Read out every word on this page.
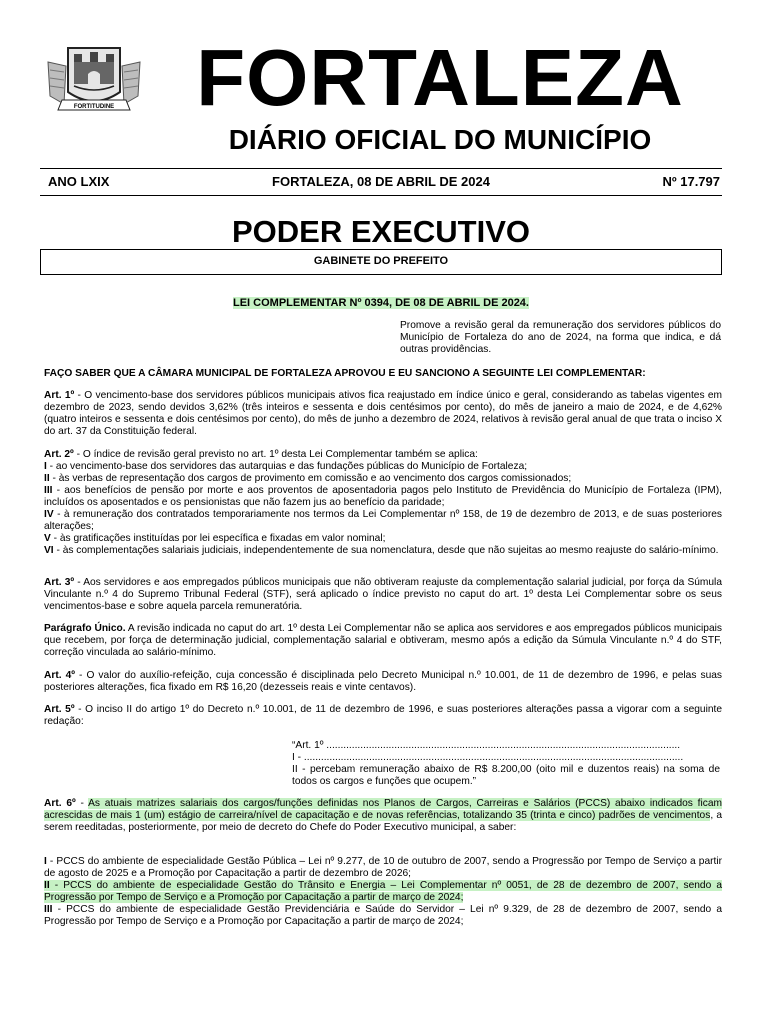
FORTITUDINE	FORTALEZA
DIÁRIO OFICIAL DO MUNICÍPIO
ANO LXIX	FORTALEZA, 08 DE ABRIL DE 2024	Nº 17.797
PODER EXECUTIVO
GABINETE DO PREFEITO
LEI COMPLEMENTAR Nº 0394, DE 08 DE ABRIL DE 2024.
Promove a revisão geral da remuneração dos servidores públicos do Município de Fortaleza do ano de 2024, na forma que indica, e dá outras providências.

FAÇO SABER QUE A CÂMARA MUNICIPAL DE FORTALEZA APROVOU E EU SANCIONO A SEGUINTE LEI COMPLEMENTAR:

Art. 1º - O vencimento-base dos servidores públicos municipais ativos fica reajustado em índice único e geral, considerando as tabelas vigentes em dezembro de 2023, sendo devidos 3,62% (três inteiros e sessenta e dois centésimos por cento), do mês de janeiro a maio de 2024, e de 4,62% (quatro inteiros e sessenta e dois centésimos por cento), do mês de junho a dezembro de 2024, relativos à revisão geral anual de que trata o inciso X do art. 37 da Constituição federal.

Art. 2º - O índice de revisão geral previsto no art. 1º desta Lei Complementar também se aplica:

I - ao vencimento-base dos servidores das autarquias e das fundações públicas do Município de Fortaleza;

II - às verbas de representação dos cargos de provimento em comissão e ao vencimento dos cargos comissionados;

III - aos benefícios de pensão por morte e aos proventos de aposentadoria pagos pelo Instituto de Previdência do Município de Fortaleza (IPM), incluídos os aposentados e os pensionistas que não fazem jus ao benefício da paridade;

IV - à remuneração dos contratados temporariamente nos termos da Lei Complementar nº 158, de 19 de dezembro de 2013, e de suas posteriores alterações;

V - às gratificações instituídas por lei específica e fixadas em valor nominal;

VI - às complementações salariais judiciais, independentemente de sua nomenclatura, desde que não sujeitas ao mesmo reajuste do salário-mínimo.

Art. 3º - Aos servidores e aos empregados públicos municipais que não obtiveram reajuste da complementação salarial judicial, por força da Súmula Vinculante n.º 4 do Supremo Tribunal Federal (STF), será aplicado o índice previsto no caput do art. 1º desta Lei Complementar sobre os seus vencimentos-base e sobre aquela parcela remuneratória.

Parágrafo Único. A revisão indicada no caput do art. 1º desta Lei Complementar não se aplica aos servidores e aos empregados públicos municipais que recebem, por força de determinação judicial, complementação salarial e obtiveram, mesmo após a edição da Súmula Vinculante n.º 4 do STF, correção vinculada ao salário-mínimo.

Art. 4º - O valor do auxílio-refeição, cuja concessão é disciplinada pelo Decreto Municipal n.º 10.001, de 11 de dezembro de 1996, e pelas suas posteriores alterações, fica fixado em R$ 16,20 (dezesseis reais e vinte centavos).

Art. 5º - O inciso II do artigo 1º do Decreto n.º 10.001, de 11 de dezembro de 1996, e suas posteriores alterações passa a vigorar com a seguinte redação:

“Art. 1º .............................................................................................................................

I - ......................................................................................................................................

II - percebam remuneração abaixo de R$ 8.200,00 (oito mil e duzentos reais) na soma de todos os cargos e funções que ocupem.”

Art. 6º - As atuais matrizes salariais dos cargos/funções definidas nos Planos de Cargos, Carreiras e Salários (PCCS) abaixo indicados ficam acrescidas de mais 1 (um) estágio de carreira/nível de capacitação e de novas referências, totalizando 35 (trinta e cinco) padrões de vencimentos, a serem reeditadas, posteriormente, por meio de decreto do Chefe do Poder Executivo municipal, a saber:

I - PCCS do ambiente de especialidade Gestão Pública – Lei nº 9.277, de 10 de outubro de 2007, sendo a Progressão por Tempo de Serviço a partir de agosto de 2025 e a Promoção por Capacitação a partir de dezembro de 2026;

II - PCCS do ambiente de especialidade Gestão do Trânsito e Energia – Lei Complementar nº 0051, de 28 de dezembro de 2007, sendo a Progressão por Tempo de Serviço e a Promoção por Capacitação a partir de março de 2024;

III - PCCS do ambiente de especialidade Gestão Previdenciária e Saúde do Servidor – Lei nº 9.329, de 28 de dezembro de 2007, sendo a Progressão por Tempo de Serviço e a Promoção por Capacitação a partir de março de 2024;
